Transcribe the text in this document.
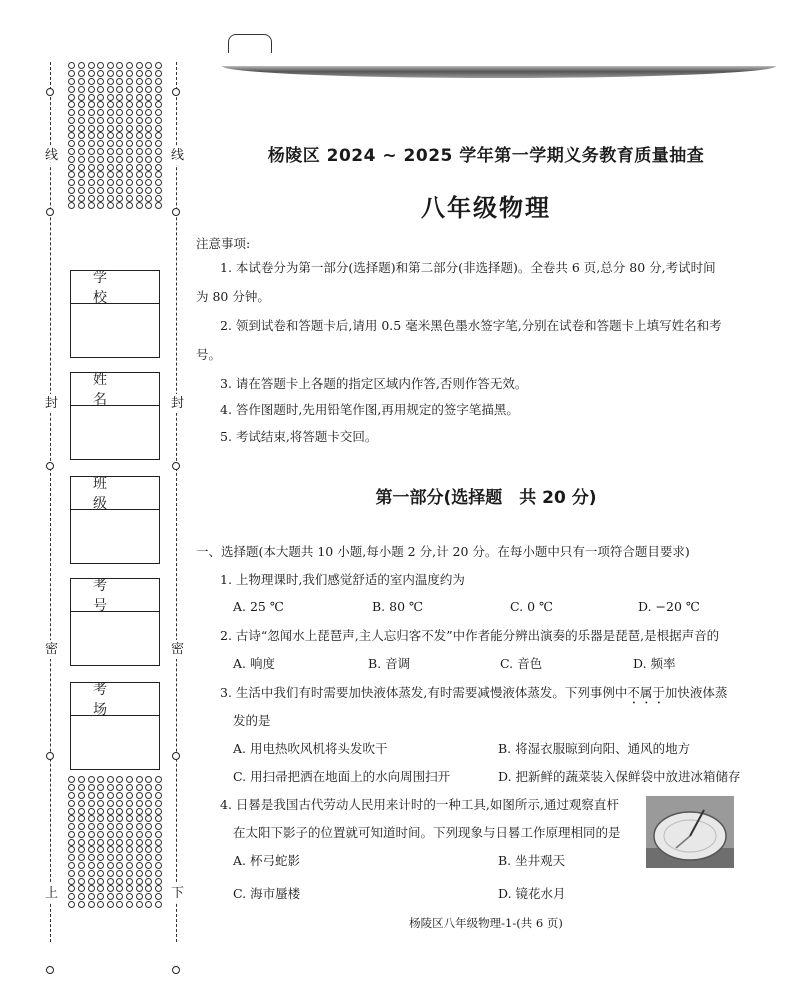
线	线
封	封
密	密
上	下
学校
姓名
班级
考号
考场
杨陵区 2024 ~ 2025 学年第一学期义务教育质量抽查
八年级物理
注意事项:
1. 本试卷分为第一部分(选择题)和第二部分(非选择题)。全卷共 6 页,总分 80 分,考试时间
为 80 分钟。
2. 领到试卷和答题卡后,请用 0.5 毫米黑色墨水签字笔,分别在试卷和答题卡上填写姓名和考
号。
3. 请在答题卡上各题的指定区域内作答,否则作答无效。
4. 答作图题时,先用铅笔作图,再用规定的签字笔描黑。
5. 考试结束,将答题卡交回。
第一部分(选择题　共 20 分)
一、选择题(本大题共 10 小题,每小题 2 分,计 20 分。在每小题中只有一项符合题目要求)
1. 上物理课时,我们感觉舒适的室内温度约为
A. 25 ℃	B. 80 ℃	C. 0 ℃	D. −20 ℃
2. 古诗“忽闻水上琵琶声,主人忘归客不发”中作者能分辨出演奏的乐器是琵琶,是根据声音的
A. 响度	B. 音调	C. 音色	D. 频率
3. 生活中我们有时需要加快液体蒸发,有时需要减慢液体蒸发。下列事例中不属于加快液体蒸
发的是
A. 用电热吹风机将头发吹干	B. 将湿衣服晾到向阳、通风的地方
C. 用扫帚把洒在地面上的水向周围扫开	D. 把新鲜的蔬菜装入保鲜袋中放进冰箱储存
4. 日晷是我国古代劳动人民用来计时的一种工具,如图所示,通过观察直杆
在太阳下影子的位置就可知道时间。下列现象与日晷工作原理相同的是
A. 杯弓蛇影	B. 坐井观天
C. 海市蜃楼	D. 镜花水月
杨陵区八年级物理-1-(共 6 页)
